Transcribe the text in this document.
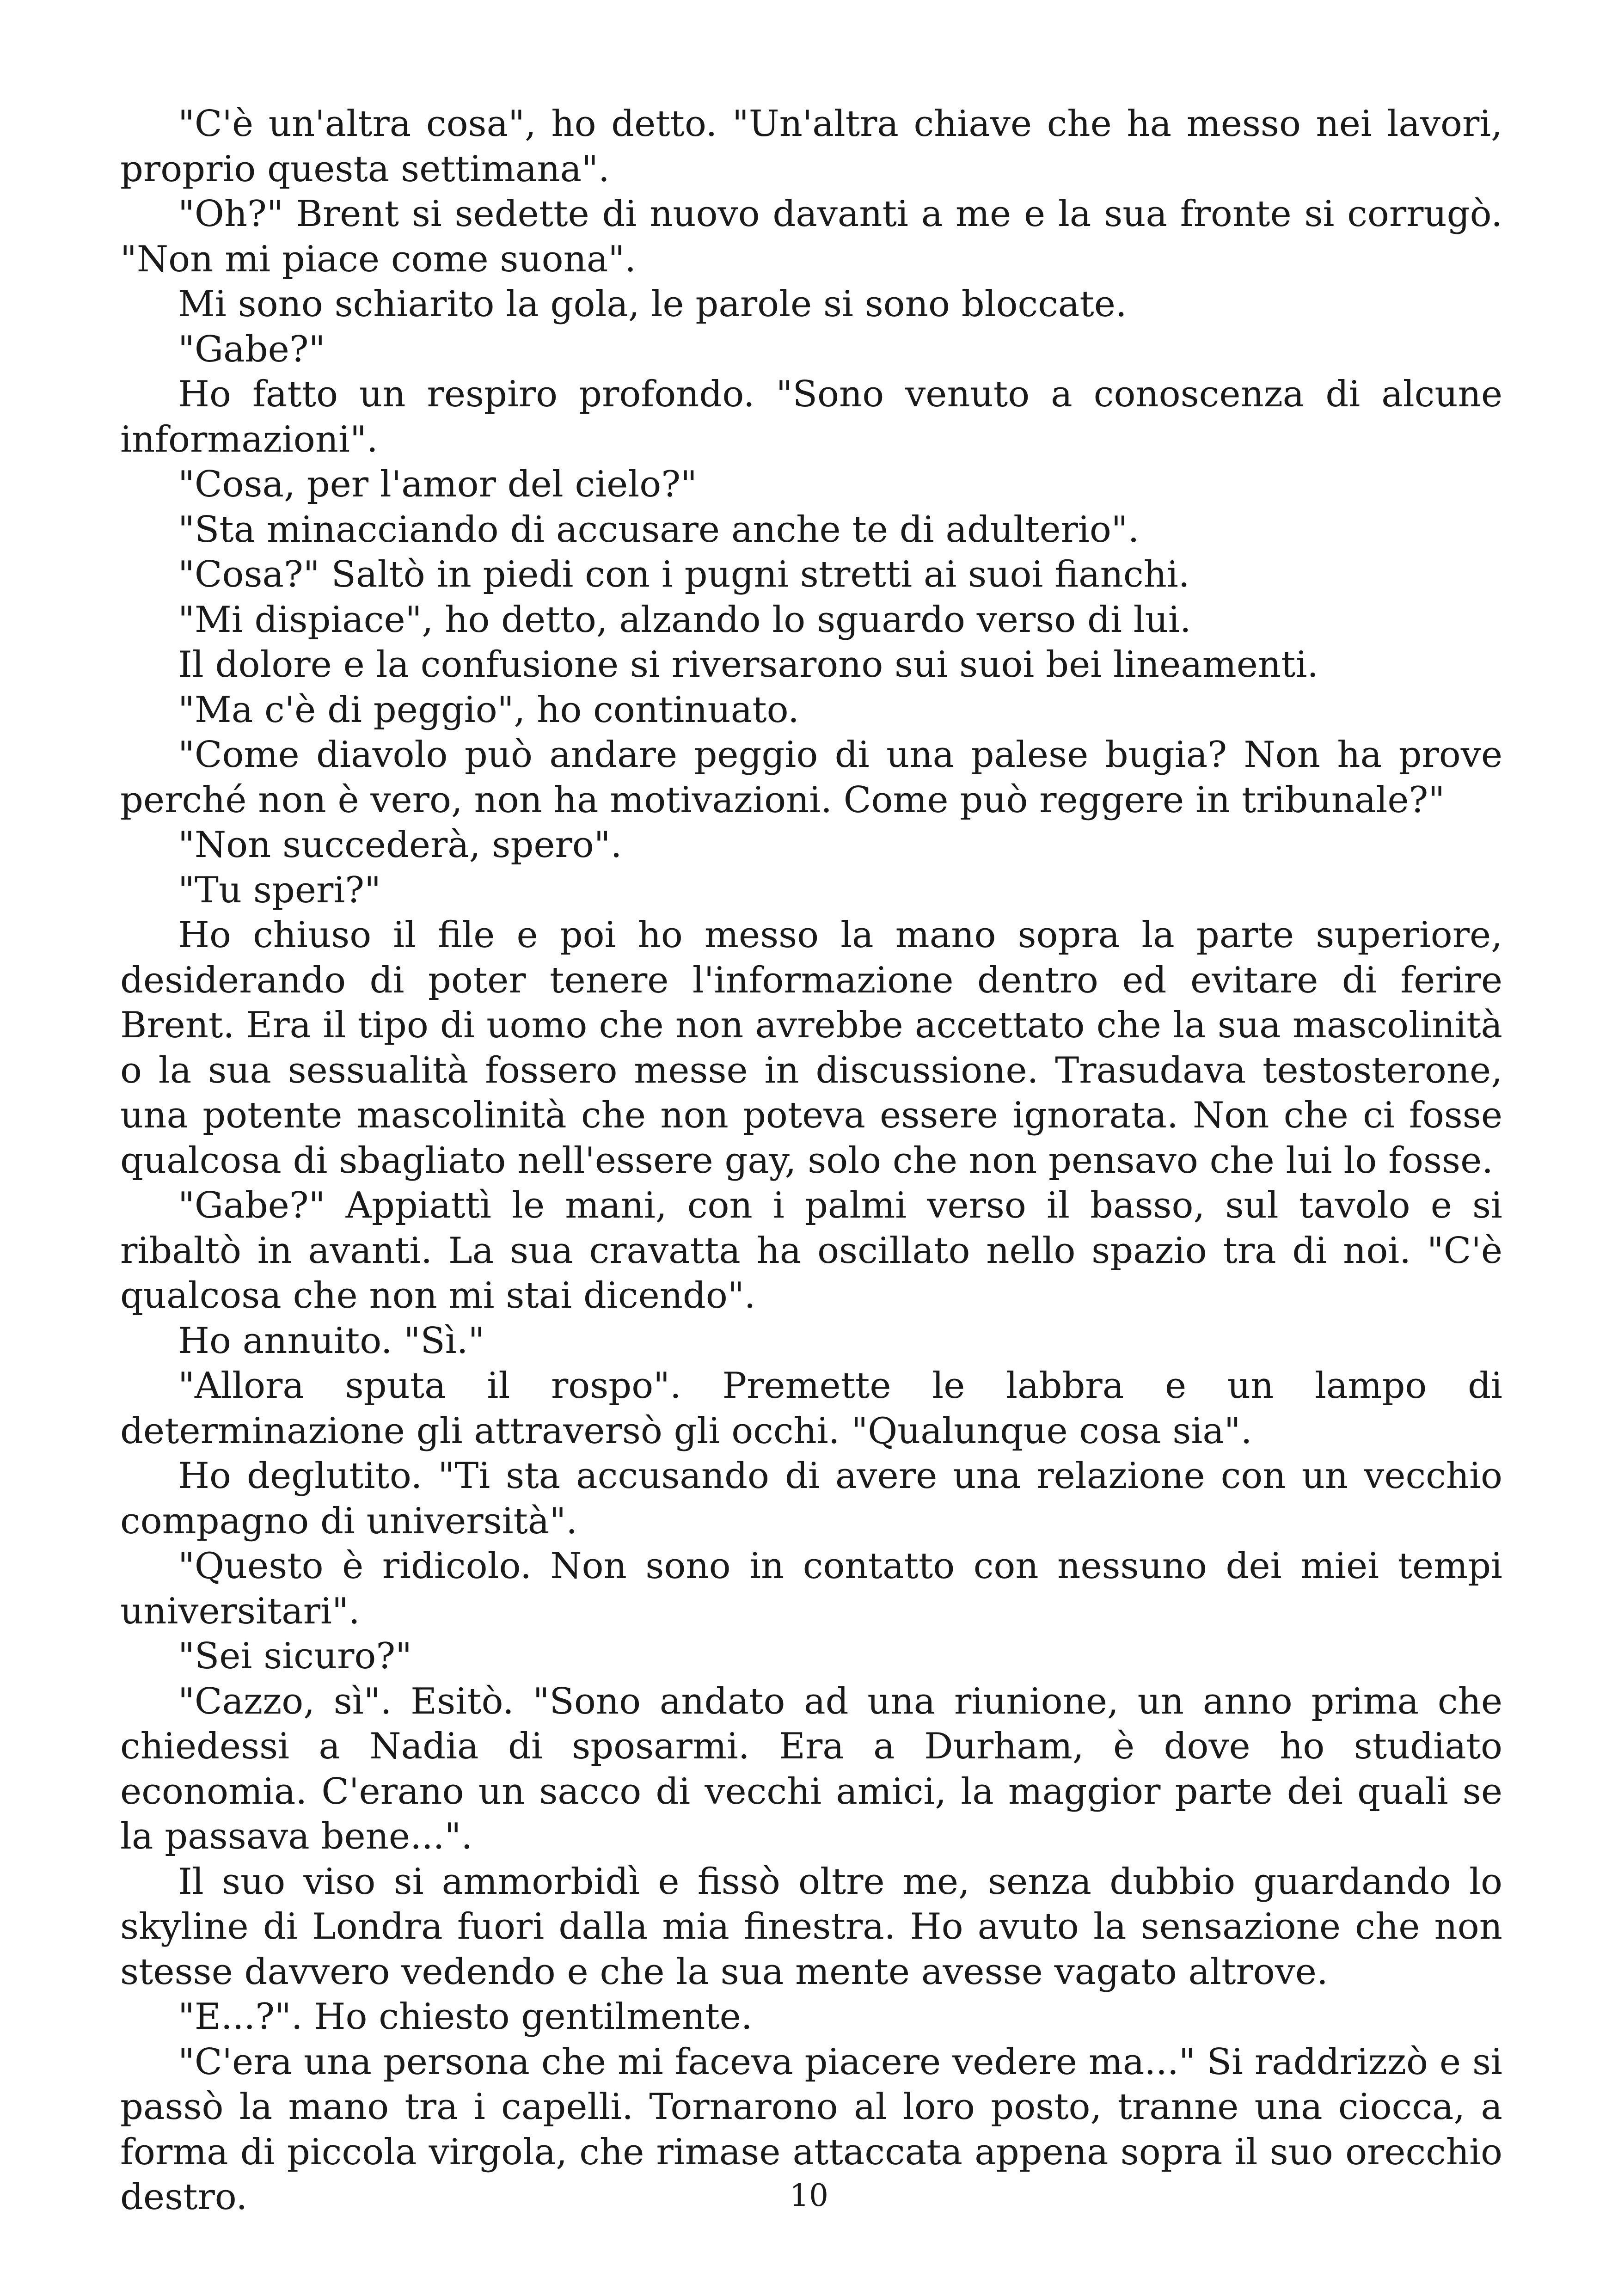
"C'è un'altra cosa", ho detto. "Un'altra chiave che ha messo nei lavori, proprio questa settimana".

"Oh?" Brent si sedette di nuovo davanti a me e la sua fronte si corrugò. "Non mi piace come suona".

Mi sono schiarito la gola, le parole si sono bloccate.

"Gabe?"

Ho fatto un respiro profondo. "Sono venuto a conoscenza di alcune informazioni".

"Cosa, per l'amor del cielo?"

"Sta minacciando di accusare anche te di adulterio".

"Cosa?" Saltò in piedi con i pugni stretti ai suoi fianchi.

"Mi dispiace", ho detto, alzando lo sguardo verso di lui.

Il dolore e la confusione si riversarono sui suoi bei lineamenti.

"Ma c'è di peggio", ho continuato.

"Come diavolo può andare peggio di una palese bugia? Non ha prove perché non è vero, non ha motivazioni. Come può reggere in tribunale?"

"Non succederà, spero".

"Tu speri?"

Ho chiuso il file e poi ho messo la mano sopra la parte superiore, desiderando di poter tenere l'informazione dentro ed evitare di ferire Brent. Era il tipo di uomo che non avrebbe accettato che la sua mascolinità o la sua sessualità fossero messe in discussione. Trasudava testosterone, una potente mascolinità che non poteva essere ignorata. Non che ci fosse qualcosa di sbagliato nell'essere gay, solo che non pensavo che lui lo fosse.

"Gabe?" Appiattì le mani, con i palmi verso il basso, sul tavolo e si ribaltò in avanti. La sua cravatta ha oscillato nello spazio tra di noi. "C'è qualcosa che non mi stai dicendo".

Ho annuito. "Sì."

"Allora sputa il rospo". Premette le labbra e un lampo di determinazione gli attraversò gli occhi. "Qualunque cosa sia".

Ho deglutito. "Ti sta accusando di avere una relazione con un vecchio compagno di università".

"Questo è ridicolo. Non sono in contatto con nessuno dei miei tempi universitari".

"Sei sicuro?"

"Cazzo, sì". Esitò. "Sono andato ad una riunione, un anno prima che chiedessi a Nadia di sposarmi. Era a Durham, è dove ho studiato economia. C'erano un sacco di vecchi amici, la maggior parte dei quali se la passava bene...".

Il suo viso si ammorbidì e fissò oltre me, senza dubbio guardando lo skyline di Londra fuori dalla mia finestra. Ho avuto la sensazione che non stesse davvero vedendo e che la sua mente avesse vagato altrove.

"E...?". Ho chiesto gentilmente.

"C'era una persona che mi faceva piacere vedere ma..." Si raddrizzò e si passò la mano tra i capelli. Tornarono al loro posto, tranne una ciocca, a forma di piccola virgola, che rimase attaccata appena sopra il suo orecchio destro.	10
